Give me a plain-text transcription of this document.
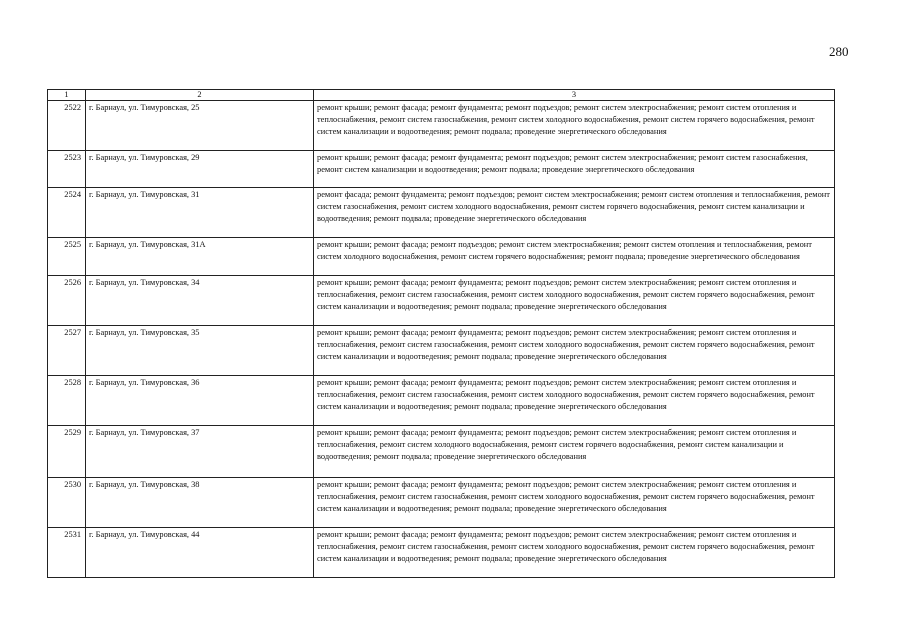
280
1	2	3
2522	г. Барнаул, ул. Тимуровская, 25	ремонт крыши; ремонт фасада; ремонт фундамента; ремонт подъездов; ремонт систем электроснабжения; ремонт систем отопления и теплоснабжения, ремонт систем газоснабжения, ремонт систем холодного водоснабжения, ремонт систем горячего водоснабжения, ремонт систем канализации и водоотведения; ремонт подвала; проведение энергетического обследования
2523	г. Барнаул, ул. Тимуровская, 29	ремонт крыши; ремонт фасада; ремонт фундамента; ремонт подъездов; ремонт систем электроснабжения; ремонт систем газоснабжения, ремонт систем канализации и водоотведения; ремонт подвала; проведение энергетического обследования
2524	г. Барнаул, ул. Тимуровская, 31	ремонт фасада; ремонт фундамента; ремонт подъездов; ремонт систем электроснабжения; ремонт систем отопления и теплоснабжения, ремонт систем газоснабжения, ремонт систем холодного водоснабжения, ремонт систем горячего водоснабжения, ремонт систем канализации и водоотведения; ремонт подвала; проведение энергетического обследования
2525	г. Барнаул, ул. Тимуровская, 31А	ремонт крыши; ремонт фасада; ремонт подъездов; ремонт систем электроснабжения; ремонт систем отопления и теплоснабжения, ремонт систем холодного водоснабжения, ремонт систем горячего водоснабжения; ремонт подвала; проведение энергетического обследования
2526	г. Барнаул, ул. Тимуровская, 34	ремонт крыши; ремонт фасада; ремонт фундамента; ремонт подъездов; ремонт систем электроснабжения; ремонт систем отопления и теплоснабжения, ремонт систем газоснабжения, ремонт систем холодного водоснабжения, ремонт систем горячего водоснабжения, ремонт систем канализации и водоотведения; ремонт подвала; проведение энергетического обследования
2527	г. Барнаул, ул. Тимуровская, 35	ремонт крыши; ремонт фасада; ремонт фундамента; ремонт подъездов; ремонт систем электроснабжения; ремонт систем отопления и теплоснабжения, ремонт систем газоснабжения, ремонт систем холодного водоснабжения, ремонт систем горячего водоснабжения, ремонт систем канализации и водоотведения; ремонт подвала; проведение энергетического обследования
2528	г. Барнаул, ул. Тимуровская, 36	ремонт крыши; ремонт фасада; ремонт фундамента; ремонт подъездов; ремонт систем электроснабжения; ремонт систем отопления и теплоснабжения, ремонт систем газоснабжения, ремонт систем холодного водоснабжения, ремонт систем горячего водоснабжения, ремонт систем канализации и водоотведения; ремонт подвала; проведение энергетического обследования
2529	г. Барнаул, ул. Тимуровская, 37	ремонт крыши; ремонт фасада; ремонт фундамента; ремонт подъездов; ремонт систем электроснабжения; ремонт систем отопления и теплоснабжения, ремонт систем холодного водоснабжения, ремонт систем горячего водоснабжения, ремонт систем канализации и водоотведения; ремонт подвала; проведение энергетического обследования
2530	г. Барнаул, ул. Тимуровская, 38	ремонт крыши; ремонт фасада; ремонт фундамента; ремонт подъездов; ремонт систем электроснабжения; ремонт систем отопления и теплоснабжения, ремонт систем газоснабжения, ремонт систем холодного водоснабжения, ремонт систем горячего водоснабжения, ремонт систем канализации и водоотведения; ремонт подвала; проведение энергетического обследования
2531	г. Барнаул, ул. Тимуровская, 44	ремонт крыши; ремонт фасада; ремонт фундамента; ремонт подъездов; ремонт систем электроснабжения; ремонт систем отопления и теплоснабжения, ремонт систем газоснабжения, ремонт систем холодного водоснабжения, ремонт систем горячего водоснабжения, ремонт систем канализации и водоотведения; ремонт подвала; проведение энергетического обследования
